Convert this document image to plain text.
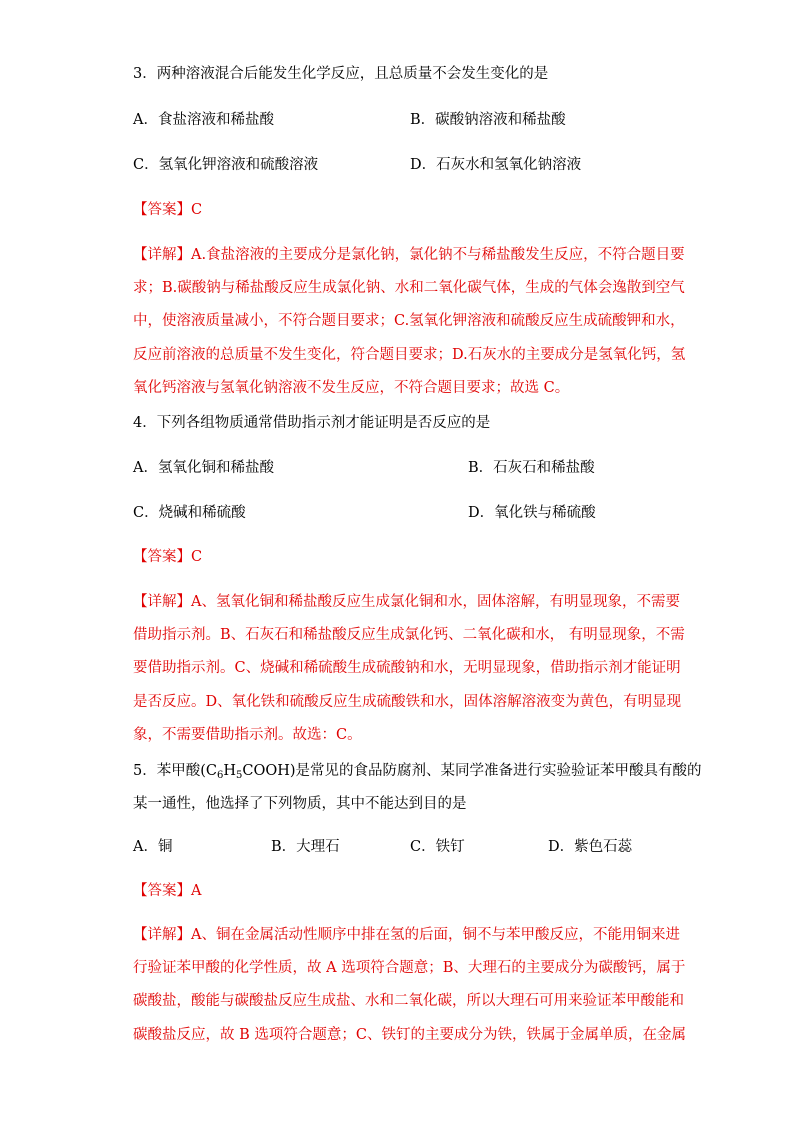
3．两种溶液混合后能发生化学反应，且总质量不会发生变化的是
A．食盐溶液和稀盐酸	B．碳酸钠溶液和稀盐酸
C．氢氧化钾溶液和硫酸溶液	D．石灰水和氢氧化钠溶液
【答案】C
【详解】A.食盐溶液的主要成分是氯化钠，氯化钠不与稀盐酸发生反应，不符合题目要
求；B.碳酸钠与稀盐酸反应生成氯化钠、水和二氧化碳气体，生成的气体会逸散到空气
中，使溶液质量减小，不符合题目要求；C.氢氧化钾溶液和硫酸反应生成硫酸钾和水，
反应前溶液的总质量不发生变化，符合题目要求；D.石灰水的主要成分是氢氧化钙，氢
氧化钙溶液与氢氧化钠溶液不发生反应，不符合题目要求；故选 C。
4．下列各组物质通常借助指示剂才能证明是否反应的是
A．氢氧化铜和稀盐酸	B．石灰石和稀盐酸
C．烧碱和稀硫酸	D．氧化铁与稀硫酸
【答案】C
【详解】A、氢氧化铜和稀盐酸反应生成氯化铜和水，固体溶解，有明显现象，不需要
借助指示剂。B、石灰石和稀盐酸反应生成氯化钙、二氧化碳和水， 有明显现象，不需
要借助指示剂。C、烧碱和稀硫酸生成硫酸钠和水，无明显现象，借助指示剂才能证明
是否反应。D、氧化铁和硫酸反应生成硫酸铁和水，固体溶解溶液变为黄色，有明显现
象，不需要借助指示剂。故选：C。
5．苯甲酸$(C_6H_5COOH)$是常见的食品防腐剂、某同学准备进行实验验证苯甲酸具有酸的
某一通性，他选择了下列物质，其中不能达到目的是
A．铜	B．大理石	C．铁钉	D．紫色石蕊
【答案】A
【详解】A、铜在金属活动性顺序中排在氢的后面，铜不与苯甲酸反应，不能用铜来进
行验证苯甲酸的化学性质，故 A 选项符合题意；B、大理石的主要成分为碳酸钙，属于
碳酸盐，酸能与碳酸盐反应生成盐、水和二氧化碳，所以大理石可用来验证苯甲酸能和
碳酸盐反应，故 B 选项符合题意；C、铁钉的主要成分为铁，铁属于金属单质，在金属
